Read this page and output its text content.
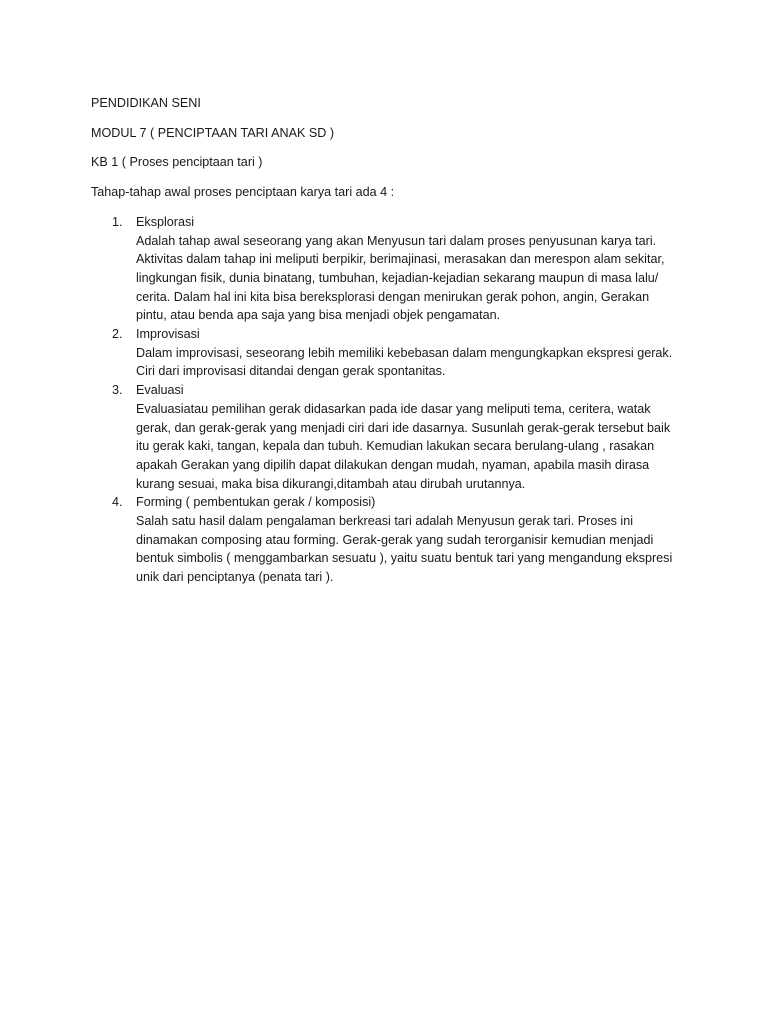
PENDIDIKAN SENI

MODUL 7 ( PENCIPTAAN TARI ANAK SD )

KB 1 ( Proses penciptaan tari )

Tahap-tahap awal proses penciptaan karya tari ada 4 :

1. Eksplorasi
Adalah tahap awal seseorang yang akan Menyusun tari dalam proses penyusunan karya tari.
Aktivitas dalam tahap ini meliputi berpikir, berimajinasi, merasakan dan merespon alam sekitar,
lingkungan fisik, dunia binatang, tumbuhan, kejadian-kejadian sekarang maupun di masa lalu/
cerita. Dalam hal ini kita bisa bereksplorasi dengan menirukan gerak pohon, angin, Gerakan
pintu, atau benda apa saja yang bisa menjadi objek pengamatan.
2. Improvisasi
Dalam improvisasi, seseorang lebih memiliki kebebasan dalam mengungkapkan ekspresi gerak.
Ciri dari improvisasi ditandai dengan gerak spontanitas.
3. Evaluasi
Evaluasiatau pemilihan gerak didasarkan pada ide dasar yang meliputi tema, ceritera, watak
gerak, dan gerak-gerak yang menjadi ciri dari ide dasarnya. Susunlah gerak-gerak tersebut baik
itu gerak kaki, tangan, kepala dan tubuh. Kemudian lakukan secara berulang-ulang , rasakan
apakah Gerakan yang dipilih dapat dilakukan dengan mudah, nyaman, apabila masih dirasa
kurang sesuai, maka bisa dikurangi,ditambah atau dirubah urutannya.
4. Forming ( pembentukan gerak / komposisi)
Salah satu hasil dalam pengalaman berkreasi tari adalah Menyusun gerak tari. Proses ini
dinamakan composing atau forming. Gerak-gerak yang sudah terorganisir kemudian menjadi
bentuk simbolis ( menggambarkan sesuatu ), yaitu suatu bentuk tari yang mengandung ekspresi
unik dari penciptanya (penata tari ).
